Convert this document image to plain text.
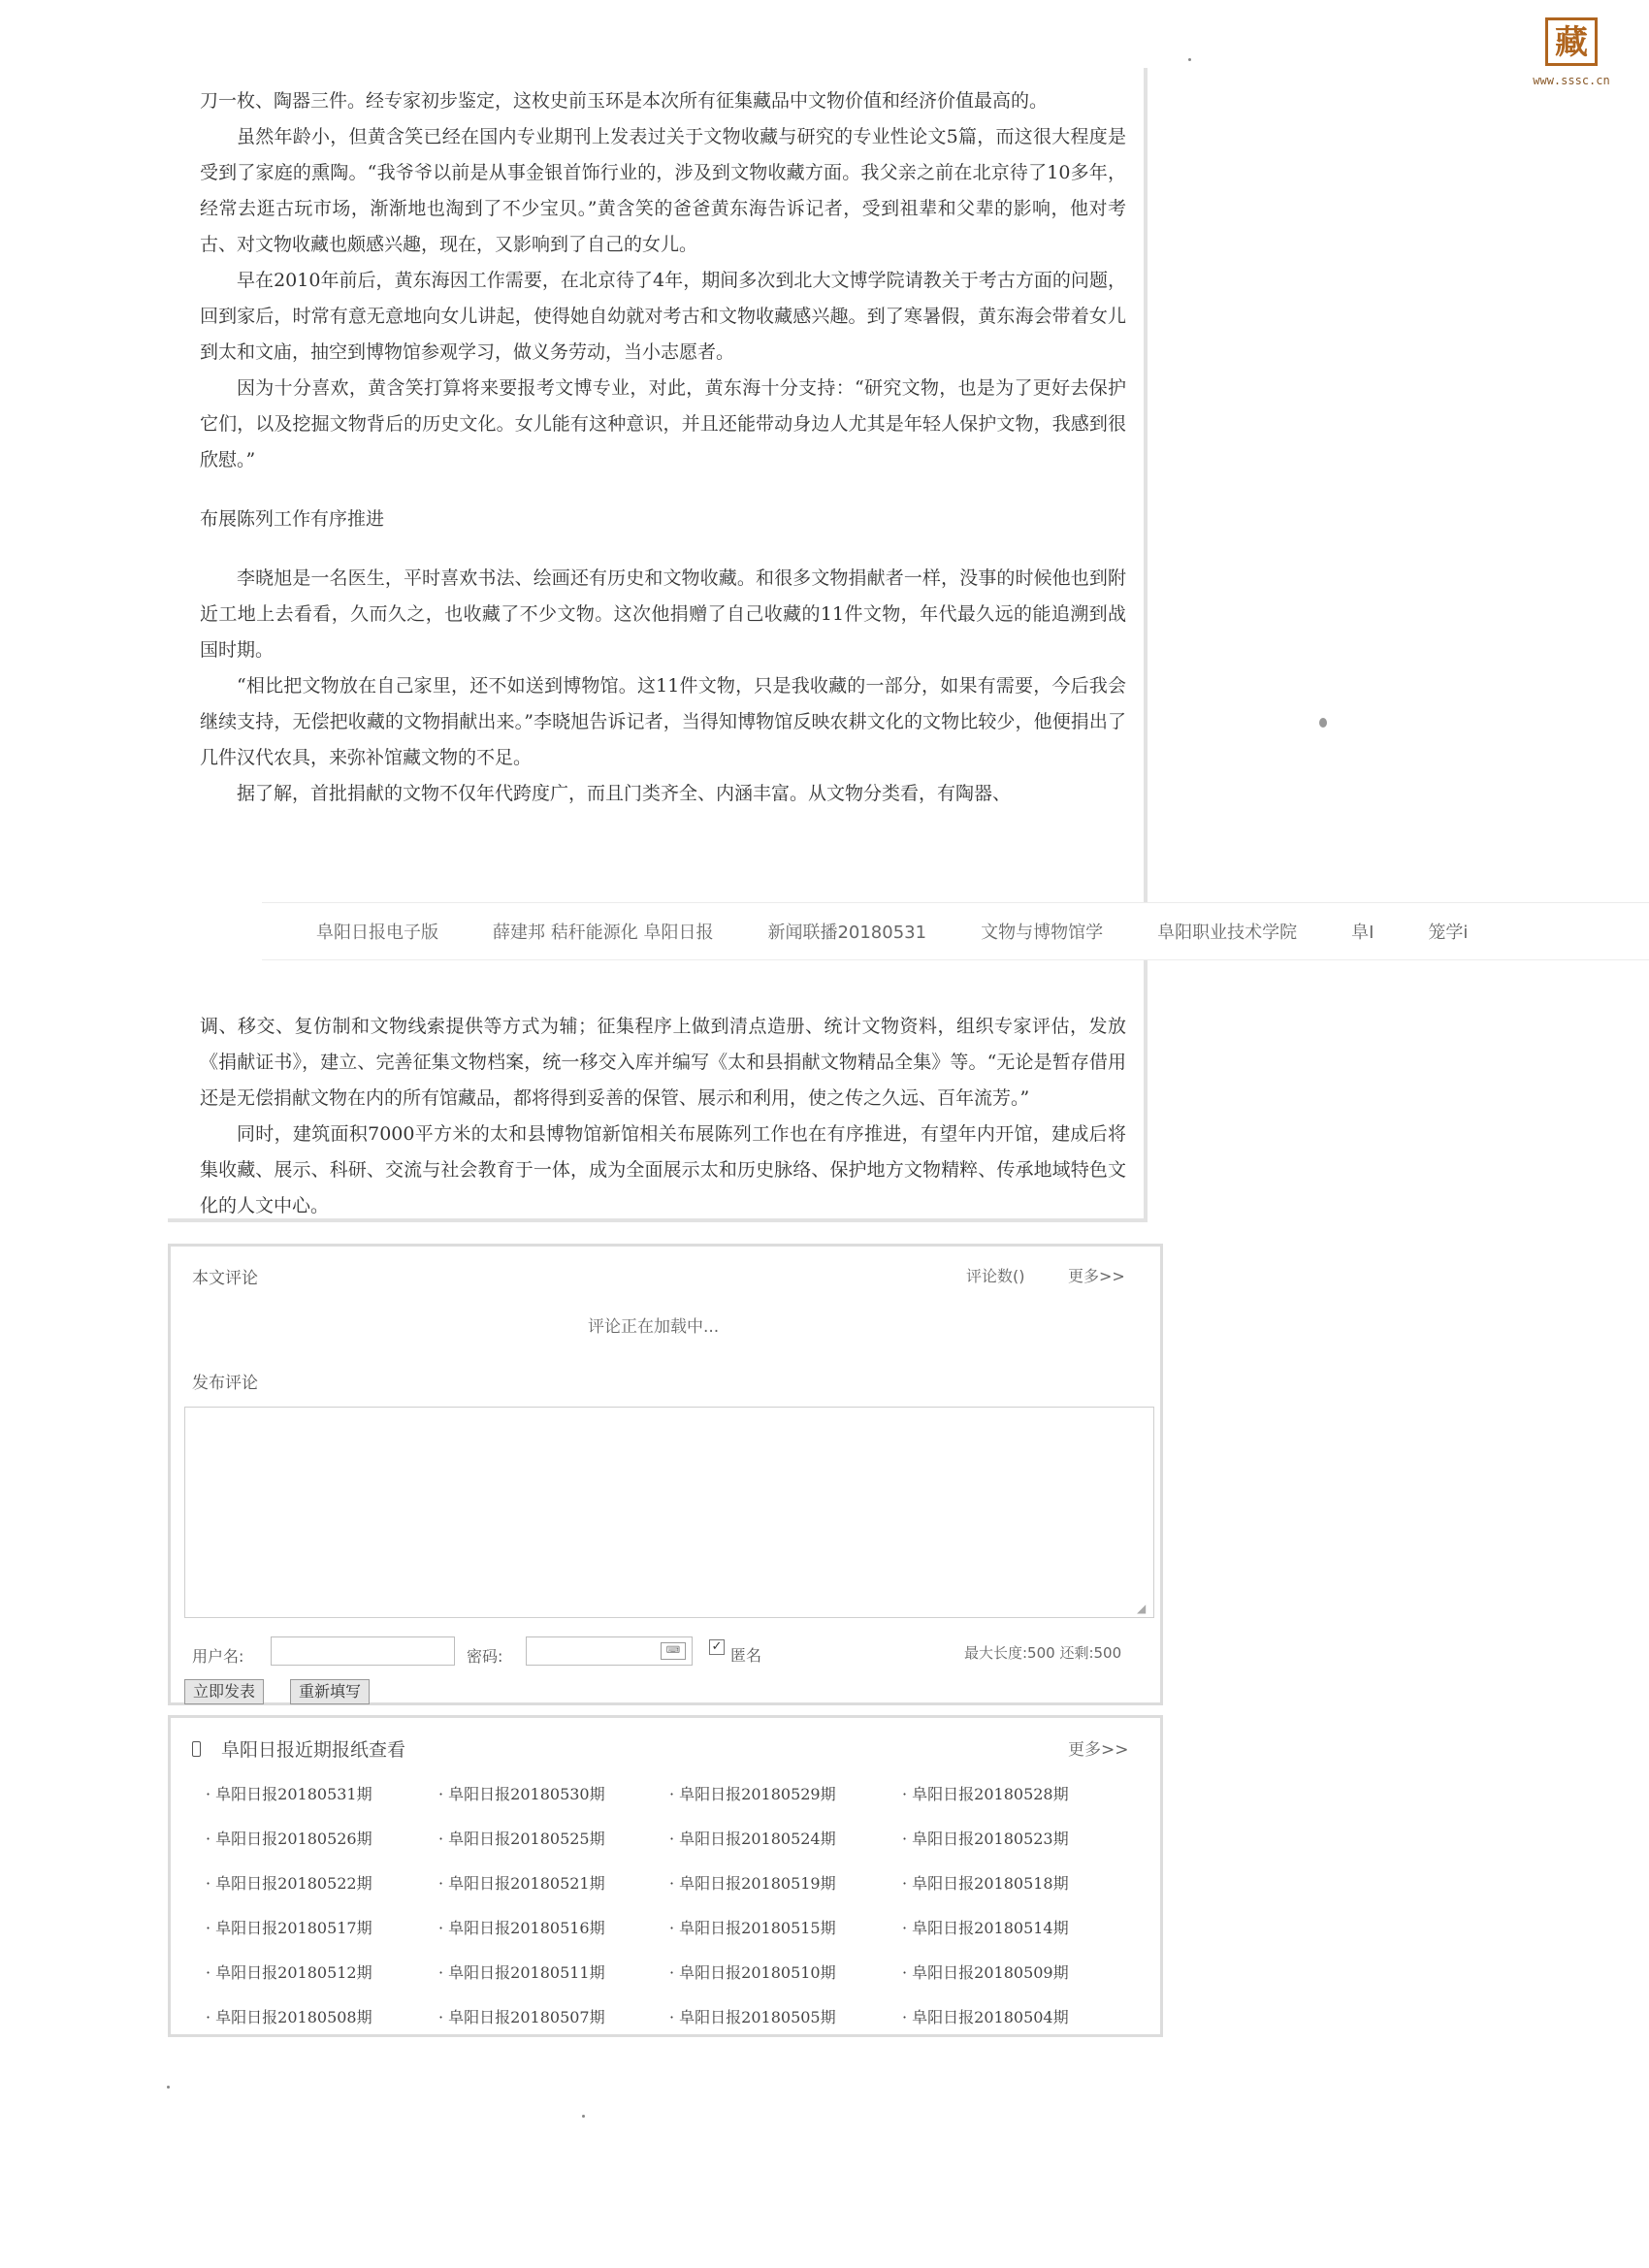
藏
www.sssc.cn

刀一枚、陶器三件。经专家初步鉴定，这枚史前玉环是本次所有征集藏品中文物价值和经济价值最高的。

虽然年龄小，但黄含笑已经在国内专业期刊上发表过关于文物收藏与研究的专业性论文5篇，而这很大程度是受到了家庭的熏陶。“我爷爷以前是从事金银首饰行业的，涉及到文物收藏方面。我父亲之前在北京待了10多年，经常去逛古玩市场，渐渐地也淘到了不少宝贝。”黄含笑的爸爸黄东海告诉记者，受到祖辈和父辈的影响，他对考古、对文物收藏也颇感兴趣，现在，又影响到了自己的女儿。

早在2010年前后，黄东海因工作需要，在北京待了4年，期间多次到北大文博学院请教关于考古方面的问题，回到家后，时常有意无意地向女儿讲起，使得她自幼就对考古和文物收藏感兴趣。到了寒暑假，黄东海会带着女儿到太和文庙，抽空到博物馆参观学习，做义务劳动，当小志愿者。

因为十分喜欢，黄含笑打算将来要报考文博专业，对此，黄东海十分支持：“研究文物，也是为了更好去保护它们，以及挖掘文物背后的历史文化。女儿能有这种意识，并且还能带动身边人尤其是年轻人保护文物，我感到很欣慰。”

布展陈列工作有序推进

李晓旭是一名医生，平时喜欢书法、绘画还有历史和文物收藏。和很多文物捐献者一样，没事的时候他也到附近工地上去看看，久而久之，也收藏了不少文物。这次他捐赠了自己收藏的11件文物，年代最久远的能追溯到战国时期。

“相比把文物放在自己家里，还不如送到博物馆。这11件文物，只是我收藏的一部分，如果有需要，今后我会继续支持，无偿把收藏的文物捐献出来。”李晓旭告诉记者，当得知博物馆反映农耕文化的文物比较少，他便捐出了几件汉代农具，来弥补馆藏文物的不足。

据了解，首批捐献的文物不仅年代跨度广，而且门类齐全、内涵丰富。从文物分类看，有陶器、

调、移交、复仿制和文物线索提供等方式为辅；征集程序上做到清点造册、统计文物资料，组织专家评估，发放《捐献证书》，建立、完善征集文物档案，统一移交入库并编写《太和县捐献文物精品全集》等。“无论是暂存借用还是无偿捐献文物在内的所有馆藏品，都将得到妥善的保管、展示和利用，使之传之久远、百年流芳。”

同时，建筑面积7000平方米的太和县博物馆新馆相关布展陈列工作也在有序推进，有望年内开馆，建成后将集收藏、展示、科研、交流与社会教育于一体，成为全面展示太和历史脉络、保护地方文物精粹、传承地域特色文化的人文中心。

阜阳日报电子版	薛建邦 秸秆能源化 阜阳日报	新闻联播20180531	文物与博物馆学	阜阳职业技术学院	阜I	笼学i
本文评论	评论数()	更多>>
评论正在加载中...
发布评论
◢
用户名:	密码:	⌨	✓ 匿名	最大长度:500 还剩:500
立即发表	重新填写
阜阳日报近期报纸查看	更多>>
· 阜阳日报20180531期	· 阜阳日报20180530期	· 阜阳日报20180529期	· 阜阳日报20180528期
· 阜阳日报20180526期	· 阜阳日报20180525期	· 阜阳日报20180524期	· 阜阳日报20180523期
· 阜阳日报20180522期	· 阜阳日报20180521期	· 阜阳日报20180519期	· 阜阳日报20180518期
· 阜阳日报20180517期	· 阜阳日报20180516期	· 阜阳日报20180515期	· 阜阳日报20180514期
· 阜阳日报20180512期	· 阜阳日报20180511期	· 阜阳日报20180510期	· 阜阳日报20180509期
· 阜阳日报20180508期	· 阜阳日报20180507期	· 阜阳日报20180505期	· 阜阳日报20180504期
